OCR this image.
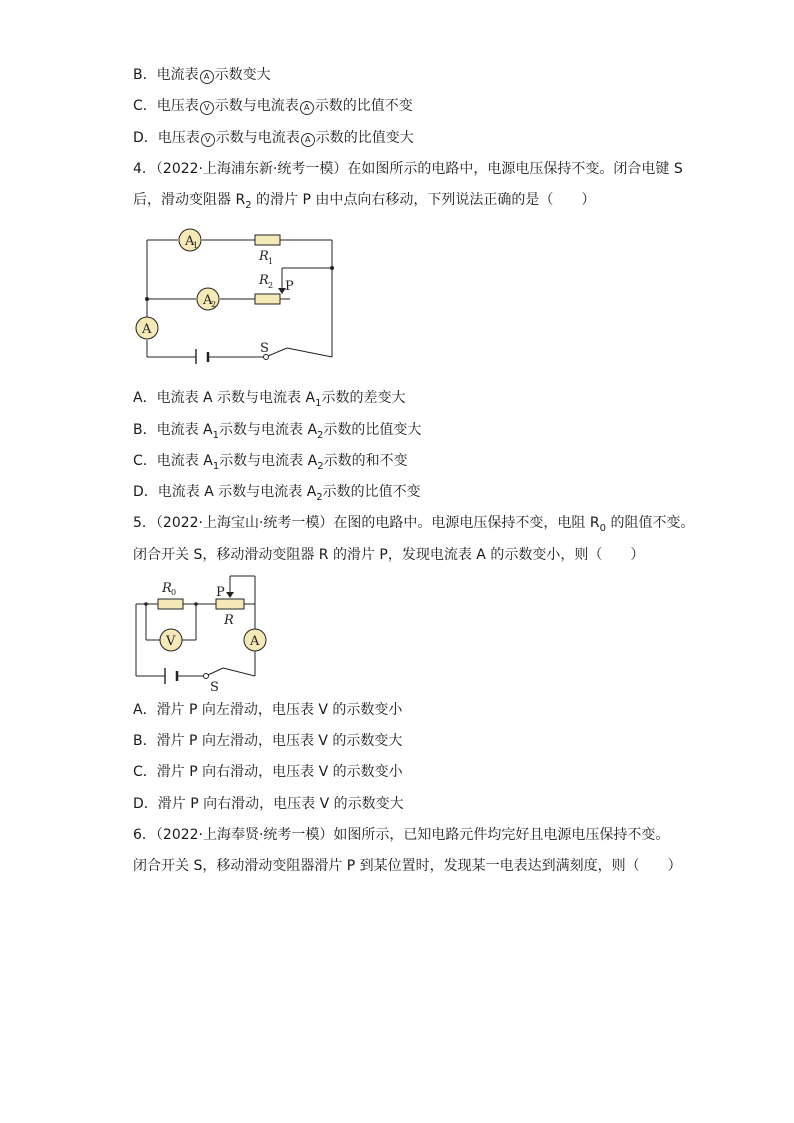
B．电流表 A 示数变大
C．电压表 V 示数与电流表 A 示数的比值不变
D．电压表 V 示数与电流表 A 示数的比值变大
4．（2022·上海浦东新·统考一模）在如图所示的电路中，电源电压保持不变。闭合电键 S
后，滑动变阻器 $R_2$ 的滑片 P 由中点向右移动，下列说法正确的是（　　）
A
1
A
2
A
R 1
R 2 P
S
A．电流表 A 示数与电流表 $A_1$示数的差变大
B．电流表 $A_1$示数与电流表 $A_2$示数的比值变大
C．电流表 $A_1$示数与电流表 $A_2$示数的和不变
D．电流表 A 示数与电流表 $A_2$示数的比值不变
5．（2022·上海宝山·统考一模）在图的电路中。电源电压保持不变，电阻 $R_0$ 的阻值不变。
闭合开关 S，移动滑动变阻器 R 的滑片 P，发现电流表 A 的示数变小，则（　　）
V	A
R 0	P
R
S
A．滑片 P 向左滑动，电压表 V 的示数变小
B．滑片 P 向左滑动，电压表 V 的示数变大
C．滑片 P 向右滑动，电压表 V 的示数变小
D．滑片 P 向右滑动，电压表 V 的示数变大
6．（2022·上海奉贤·统考一模）如图所示，已知电路元件均完好且电源电压保持不变。
闭合开关 S，移动滑动变阻器滑片 P 到某位置时，发现某一电表达到满刻度，则（　　）
